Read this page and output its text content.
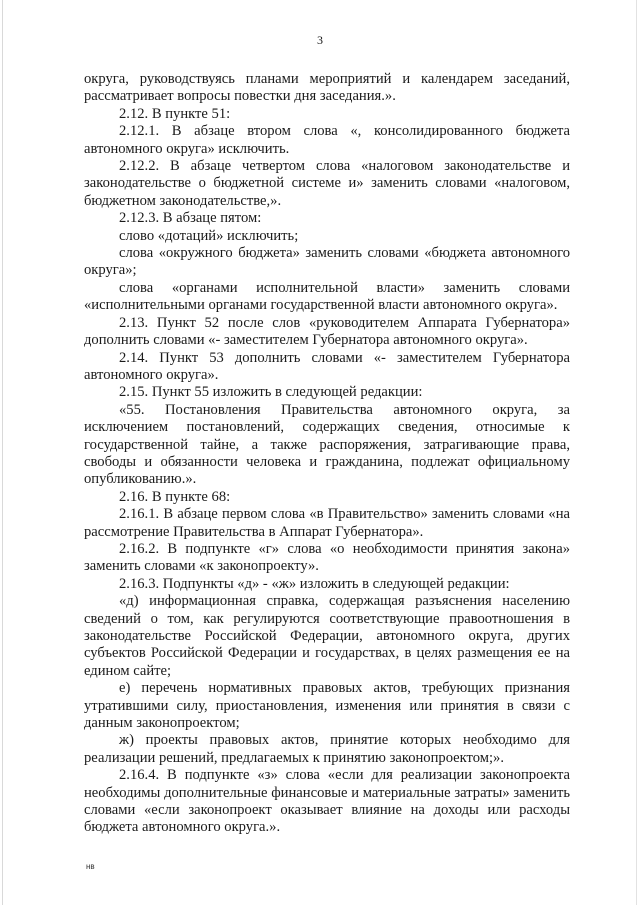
3

округа, руководствуясь планами мероприятий и календарем заседаний, рассматривает вопросы повестки дня заседания.».

2.12. В пункте 51:

2.12.1. В абзаце втором слова «, консолидированного бюджета автономного округа» исключить.

2.12.2. В абзаце четвертом слова «налоговом законодательстве и законодательстве о бюджетной системе и» заменить словами «налоговом, бюджетном законодательстве,».

2.12.3. В абзаце пятом:

слово «дотаций» исключить;

слова «окружного бюджета» заменить словами «бюджета автономного округа»;

слова «органами исполнительной власти» заменить словами «исполнительными органами государственной власти автономного округа».

2.13. Пункт 52 после слов «руководителем Аппарата Губернатора» дополнить словами «- заместителем Губернатора автономного округа».

2.14. Пункт 53 дополнить словами «- заместителем Губернатора автономного округа».

2.15. Пункт 55 изложить в следующей редакции:

«55. Постановления Правительства автономного округа, за исключением постановлений, содержащих сведения, относимые к государственной тайне, а также распоряжения, затрагивающие права, свободы и обязанности человека и гражданина, подлежат официальному опубликованию.».

2.16. В пункте 68:

2.16.1. В абзаце первом слова «в Правительство» заменить словами «на рассмотрение Правительства в Аппарат Губернатора».

2.16.2. В подпункте «г» слова «о необходимости принятия закона» заменить словами «к законопроекту».

2.16.3. Подпункты «д» - «ж» изложить в следующей редакции:

«д) информационная справка, содержащая разъяснения населению сведений о том, как регулируются соответствующие правоотношения в законодательстве Российской Федерации, автономного округа, других субъектов Российской Федерации и государствах, в целях размещения ее на едином сайте;

е) перечень нормативных правовых актов, требующих признания утратившими силу, приостановления, изменения или принятия в связи с данным законопроектом;

ж) проекты правовых актов, принятие которых необходимо для реализации решений, предлагаемых к принятию законопроектом;».

2.16.4. В подпункте «з» слова «если для реализации законопроекта необходимы дополнительные финансовые и материальные затраты» заменить словами «если законопроект оказывает влияние на доходы или расходы бюджета автономного округа.».

нв
